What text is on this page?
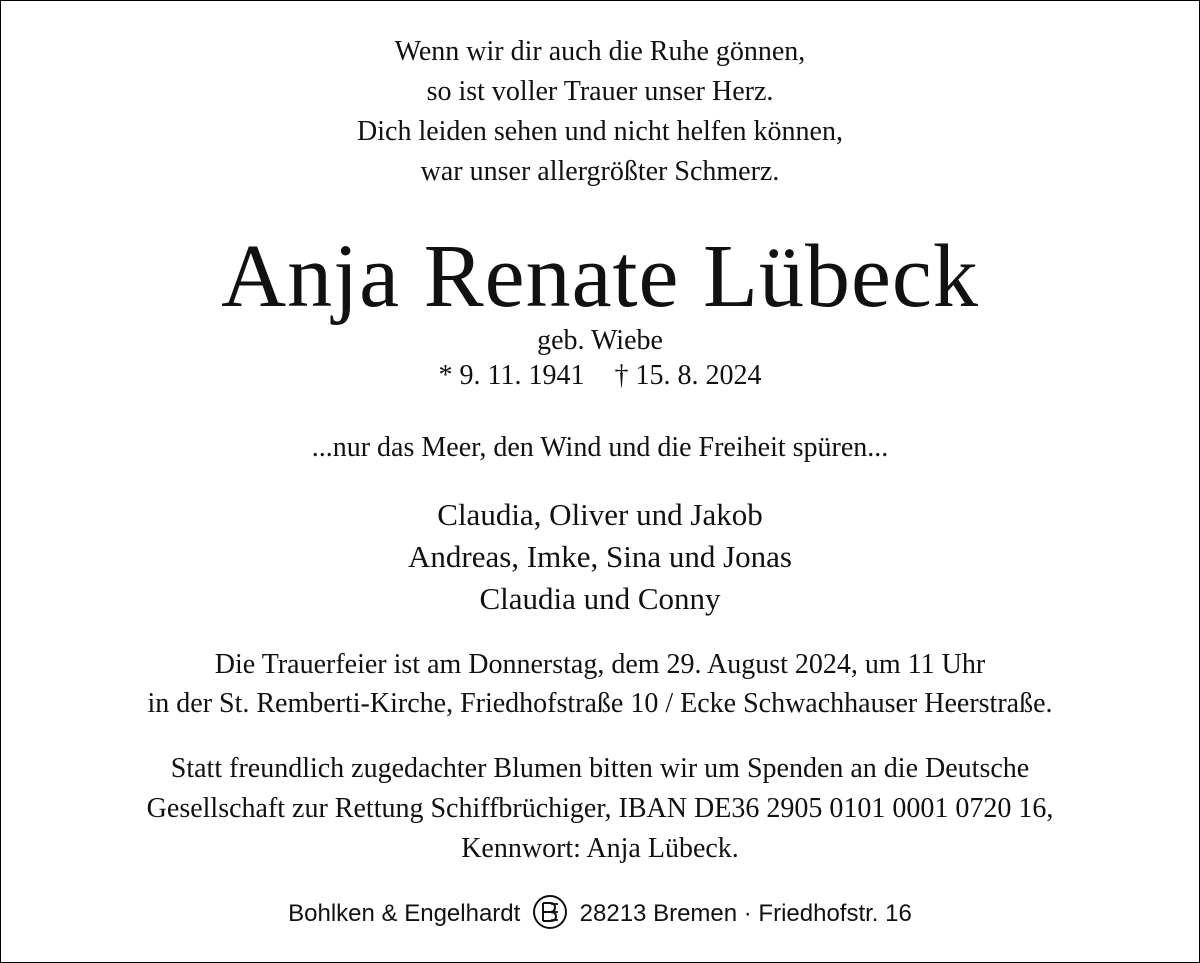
Wenn wir dir auch die Ruhe gönnen,
so ist voller Trauer unser Herz.
Dich leiden sehen und nicht helfen können,
war unser allergrößter Schmerz.
Anja Renate Lübeck
geb. Wiebe
* 9. 11. 1941 † 15. 8. 2024
...nur das Meer, den Wind und die Freiheit spüren...
Claudia, Oliver und Jakob
Andreas, Imke, Sina und Jonas
Claudia und Conny
Die Trauerfeier ist am Donnerstag, dem 29. August 2024, um 11 Uhr
in der St. Remberti-Kirche, Friedhofstraße 10 / Ecke Schwachhauser Heerstraße.
Statt freundlich zugedachter Blumen bitten wir um Spenden an die Deutsche
Gesellschaft zur Rettung Schiffbrüchiger, IBAN DE36 2905 0101 0001 0720 16,
Kennwort: Anja Lübeck.
Bohlken & Engelhardt 28213 Bremen · Friedhofstr. 16
